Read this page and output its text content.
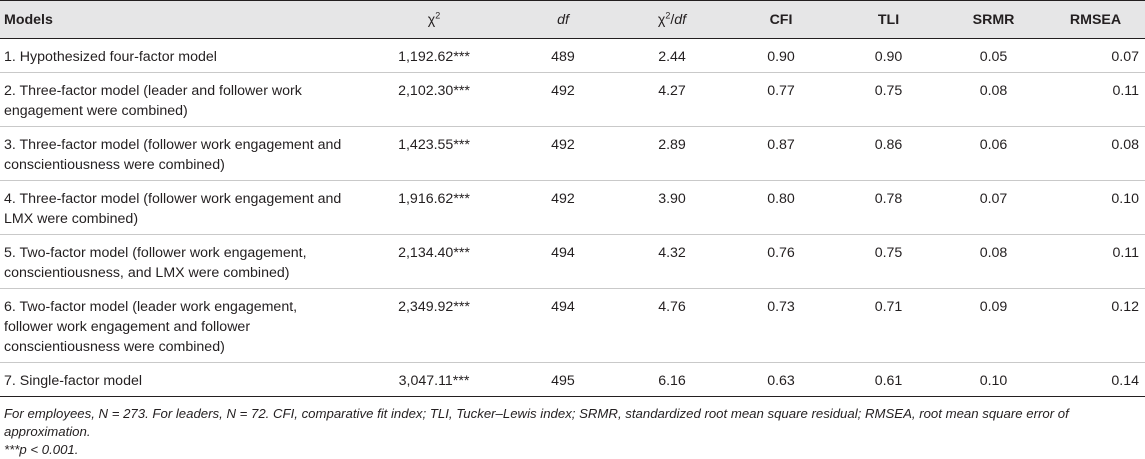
Models	$\chi^2$	df	$\chi^2/df$	CFI	TLI	SRMR	RMSEA
1. Hypothesized four-factor model	1,192.62***	489	2.44	0.90	0.90	0.05	0.07
2. Three-factor model (leader and follower work engagement were combined)	2,102.30***	492	4.27	0.77	0.75	0.08	0.11
3. Three-factor model (follower work engagement and conscientiousness were combined)	1,423.55***	492	2.89	0.87	0.86	0.06	0.08
4. Three-factor model (follower work engagement and LMX were combined)	1,916.62***	492	3.90	0.80	0.78	0.07	0.10
5. Two-factor model (follower work engagement, conscientiousness, and LMX were combined)	2,134.40***	494	4.32	0.76	0.75	0.08	0.11
6. Two-factor model (leader work engagement, follower work engagement and follower conscientiousness were combined)	2,349.92***	494	4.76	0.73	0.71	0.09	0.12
7. Single-factor model	3,047.11***	495	6.16	0.63	0.61	0.10	0.14
For employees, N = 273. For leaders, N = 72. CFI, comparative fit index; TLI, Tucker–Lewis index; SRMR, standardized root mean square residual; RMSEA, root mean square error of approximation.
***p < 0.001.
